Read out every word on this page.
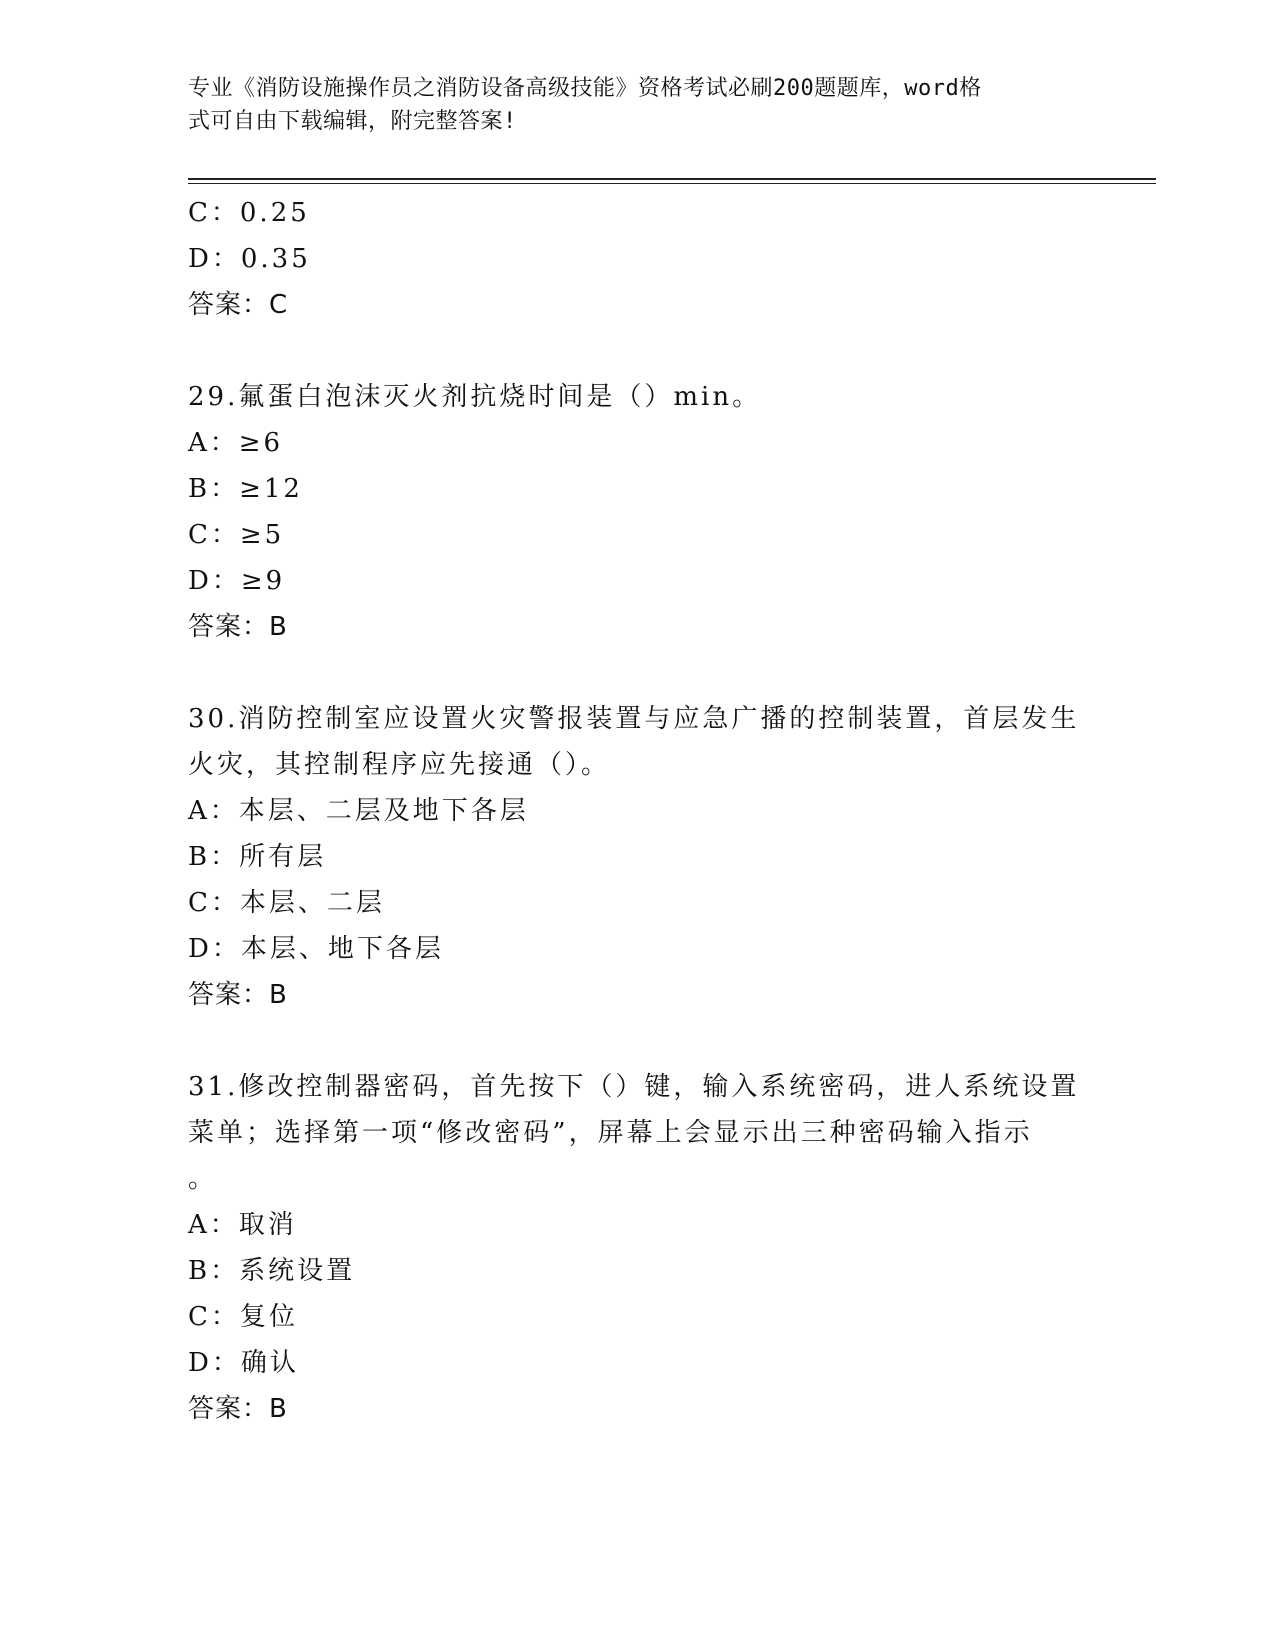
专业《消防设施操作员之消防设备高级技能》资格考试必刷200题题库，word格
式可自由下载编辑，附完整答案!
C：0.25
D：0.35
答案：C
29.氟蛋白泡沫灭火剂抗烧时间是（）min。
A：≥6
B：≥12
C：≥5
D：≥9
答案：B
30.消防控制室应设置火灾警报装置与应急广播的控制装置，首层发生
火灾，其控制程序应先接通（）。
A：本层、二层及地下各层
B：所有层
C：本层、二层
D：本层、地下各层
答案：B
31.修改控制器密码，首先按下（）键，输入系统密码，进人系统设置
菜单；选择第一项“修改密码”，屏幕上会显示出三种密码输入指示
。
A：取消
B：系统设置
C：复位
D：确认
答案：B
